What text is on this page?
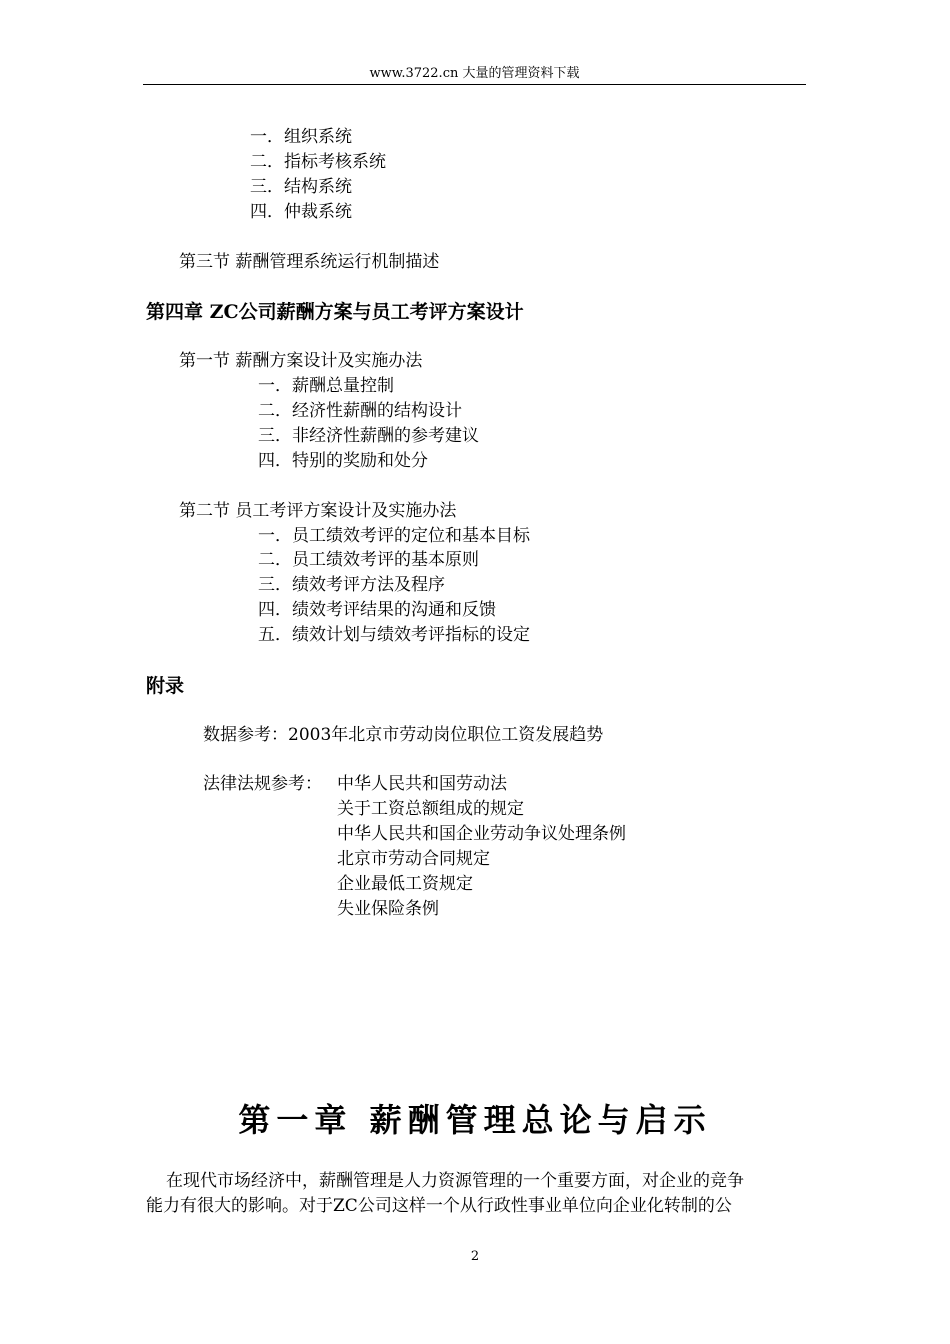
www.3722.cn 大量的管理资料下载
一．组织系统
二．指标考核系统
三．结构系统
四．仲裁系统
第三节 薪酬管理系统运行机制描述
第四章 ZC公司薪酬方案与员工考评方案设计
第一节 薪酬方案设计及实施办法
一．薪酬总量控制
二．经济性薪酬的结构设计
三．非经济性薪酬的参考建议
四．特别的奖励和处分
第二节 员工考评方案设计及实施办法
一．员工绩效考评的定位和基本目标
二．员工绩效考评的基本原则
三．绩效考评方法及程序
四．绩效考评结果的沟通和反馈
五．绩效计划与绩效考评指标的设定
附录
数据参考：2003年北京市劳动岗位职位工资发展趋势
法律法规参考： 中华人民共和国劳动法
关于工资总额组成的规定
中华人民共和国企业劳动争议处理条例
北京市劳动合同规定
企业最低工资规定
失业保险条例
第一章 薪酬管理总论与启示
在现代市场经济中，薪酬管理是人力资源管理的一个重要方面，对企业的竞争
能力有很大的影响。对于ZC公司这样一个从行政性事业单位向企业化转制的公
2
